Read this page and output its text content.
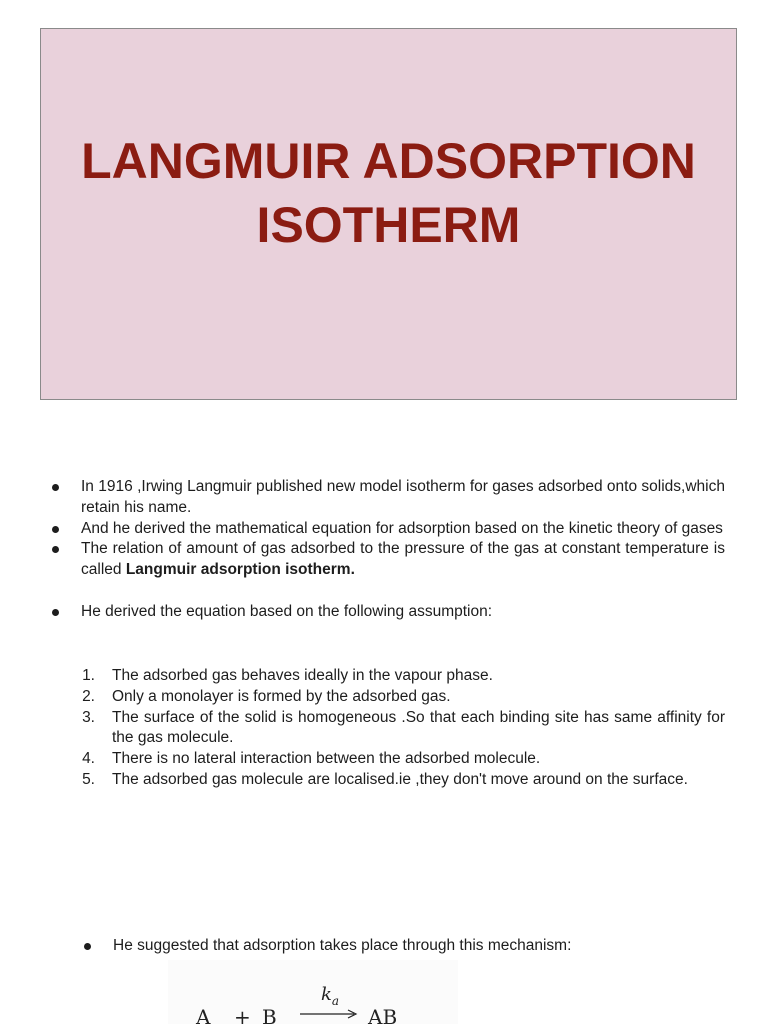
LANGMUIR ADSORPTION
ISOTHERM
In 1916 ,Irwing Langmuir published new model isotherm for gases adsorbed onto solids,which retain his name.
And he derived the mathematical equation for adsorption based on the kinetic theory of gases
The relation of amount of gas adsorbed to the pressure of the gas at constant temperature is called Langmuir adsorption isotherm.
He derived the equation based on the following assumption:
1. The adsorbed gas behaves ideally in the vapour phase.
2. Only a monolayer is formed by the adsorbed gas.
3. The surface of the solid is homogeneous .So that each binding site has same affinity for the gas molecule.
4. There is no lateral interaction between the adsorbed molecule.
5. The adsorbed gas molecule are localised.ie ,they don't move around on the surface.
He suggested that adsorption takes place through this mechanism:
A + B
$k_a$
AB
